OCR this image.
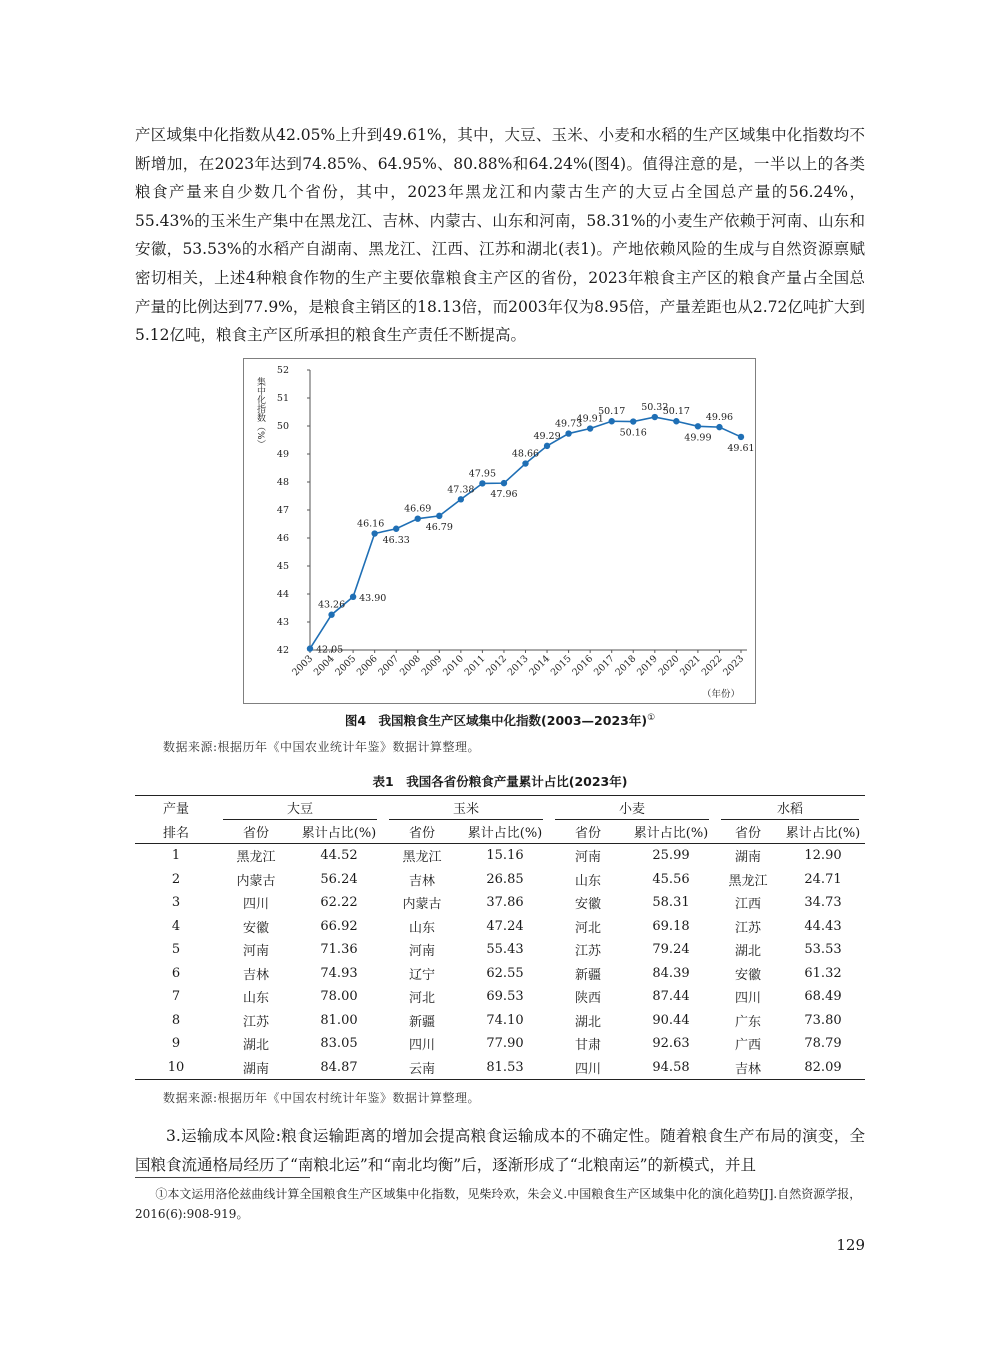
产区域集中化指数从42.05%上升到49.61%，其中，大豆、玉米、小麦和水稻的生产区域集中化指数均不断增加，在2023年达到74.85%、64.95%、80.88%和64.24%(图4)。值得注意的是，一半以上的各类粮食产量来自少数几个省份，其中，2023年黑龙江和内蒙古生产的大豆占全国总产量的56.24%，55.43%的玉米生产集中在黑龙江、吉林、内蒙古、山东和河南，58.31%的小麦生产依赖于河南、山东和安徽，53.53%的水稻产自湖南、黑龙江、江西、江苏和湖北(表1)。产地依赖风险的生成与自然资源禀赋密切相关，上述4种粮食作物的生产主要依靠粮食主产区的省份，2023年粮食主产区的粮食产量占全国总产量的比例达到77.9%，是粮食主销区的18.13倍，而2003年仅为8.95倍，产量差距也从2.72亿吨扩大到5.12亿吨，粮食主产区所承担的粮食生产责任不断提高。

42
43
44
45
46
47
48
49
50
51
52
集中化指数（%）
2003
2004
2005
2006
2007
2008
2009
2010
2011
2012
2013
2014
2015
2016
2017
2018
2019
2020
2021
2022
2023
（年份）
42.05
43.26
43.90
46.16
46.33
46.69
46.79
47.38
47.95
47.96
48.66
49.29
49.73
49.91
50.17
50.16
50.32
50.17
49.99
49.96
49.61
图4　我国粮食生产区域集中化指数(2003—2023年)①
数据来源:根据历年《中国农业统计年鉴》数据计算整理。
表1　我国各省份粮食产量累计占比(2023年)
产量	大豆		玉米		小麦		水稻	
排名	省份	累计占比(%)	省份	累计占比(%)	省份	累计占比(%)	省份	累计占比(%)
1	黑龙江	44.52	黑龙江	15.16	河南	25.99	湖南	12.90
2	内蒙古	56.24	吉林	26.85	山东	45.56	黑龙江	24.71
3	四川	62.22	内蒙古	37.86	安徽	58.31	江西	34.73
4	安徽	66.92	山东	47.24	河北	69.18	江苏	44.43
5	河南	71.36	河南	55.43	江苏	79.24	湖北	53.53
6	吉林	74.93	辽宁	62.55	新疆	84.39	安徽	61.32
7	山东	78.00	河北	69.53	陕西	87.44	四川	68.49
8	江苏	81.00	新疆	74.10	湖北	90.44	广东	73.80
9	湖北	83.05	四川	77.90	甘肃	92.63	广西	78.79
10	湖南	84.87	云南	81.53	四川	94.58	吉林	82.09
数据来源:根据历年《中国农村统计年鉴》数据计算整理。

3.运输成本风险:粮食运输距离的增加会提高粮食运输成本的不确定性。随着粮食生产布局的演变，全国粮食流通格局经历了“南粮北运”和“南北均衡”后，逐渐形成了“北粮南运”的新模式，并且

①本文运用洛伦兹曲线计算全国粮食生产区域集中化指数，见柴玲欢，朱会义.中国粮食生产区域集中化的演化趋势[J].自然资源学报，2016(6):908-919。
129
